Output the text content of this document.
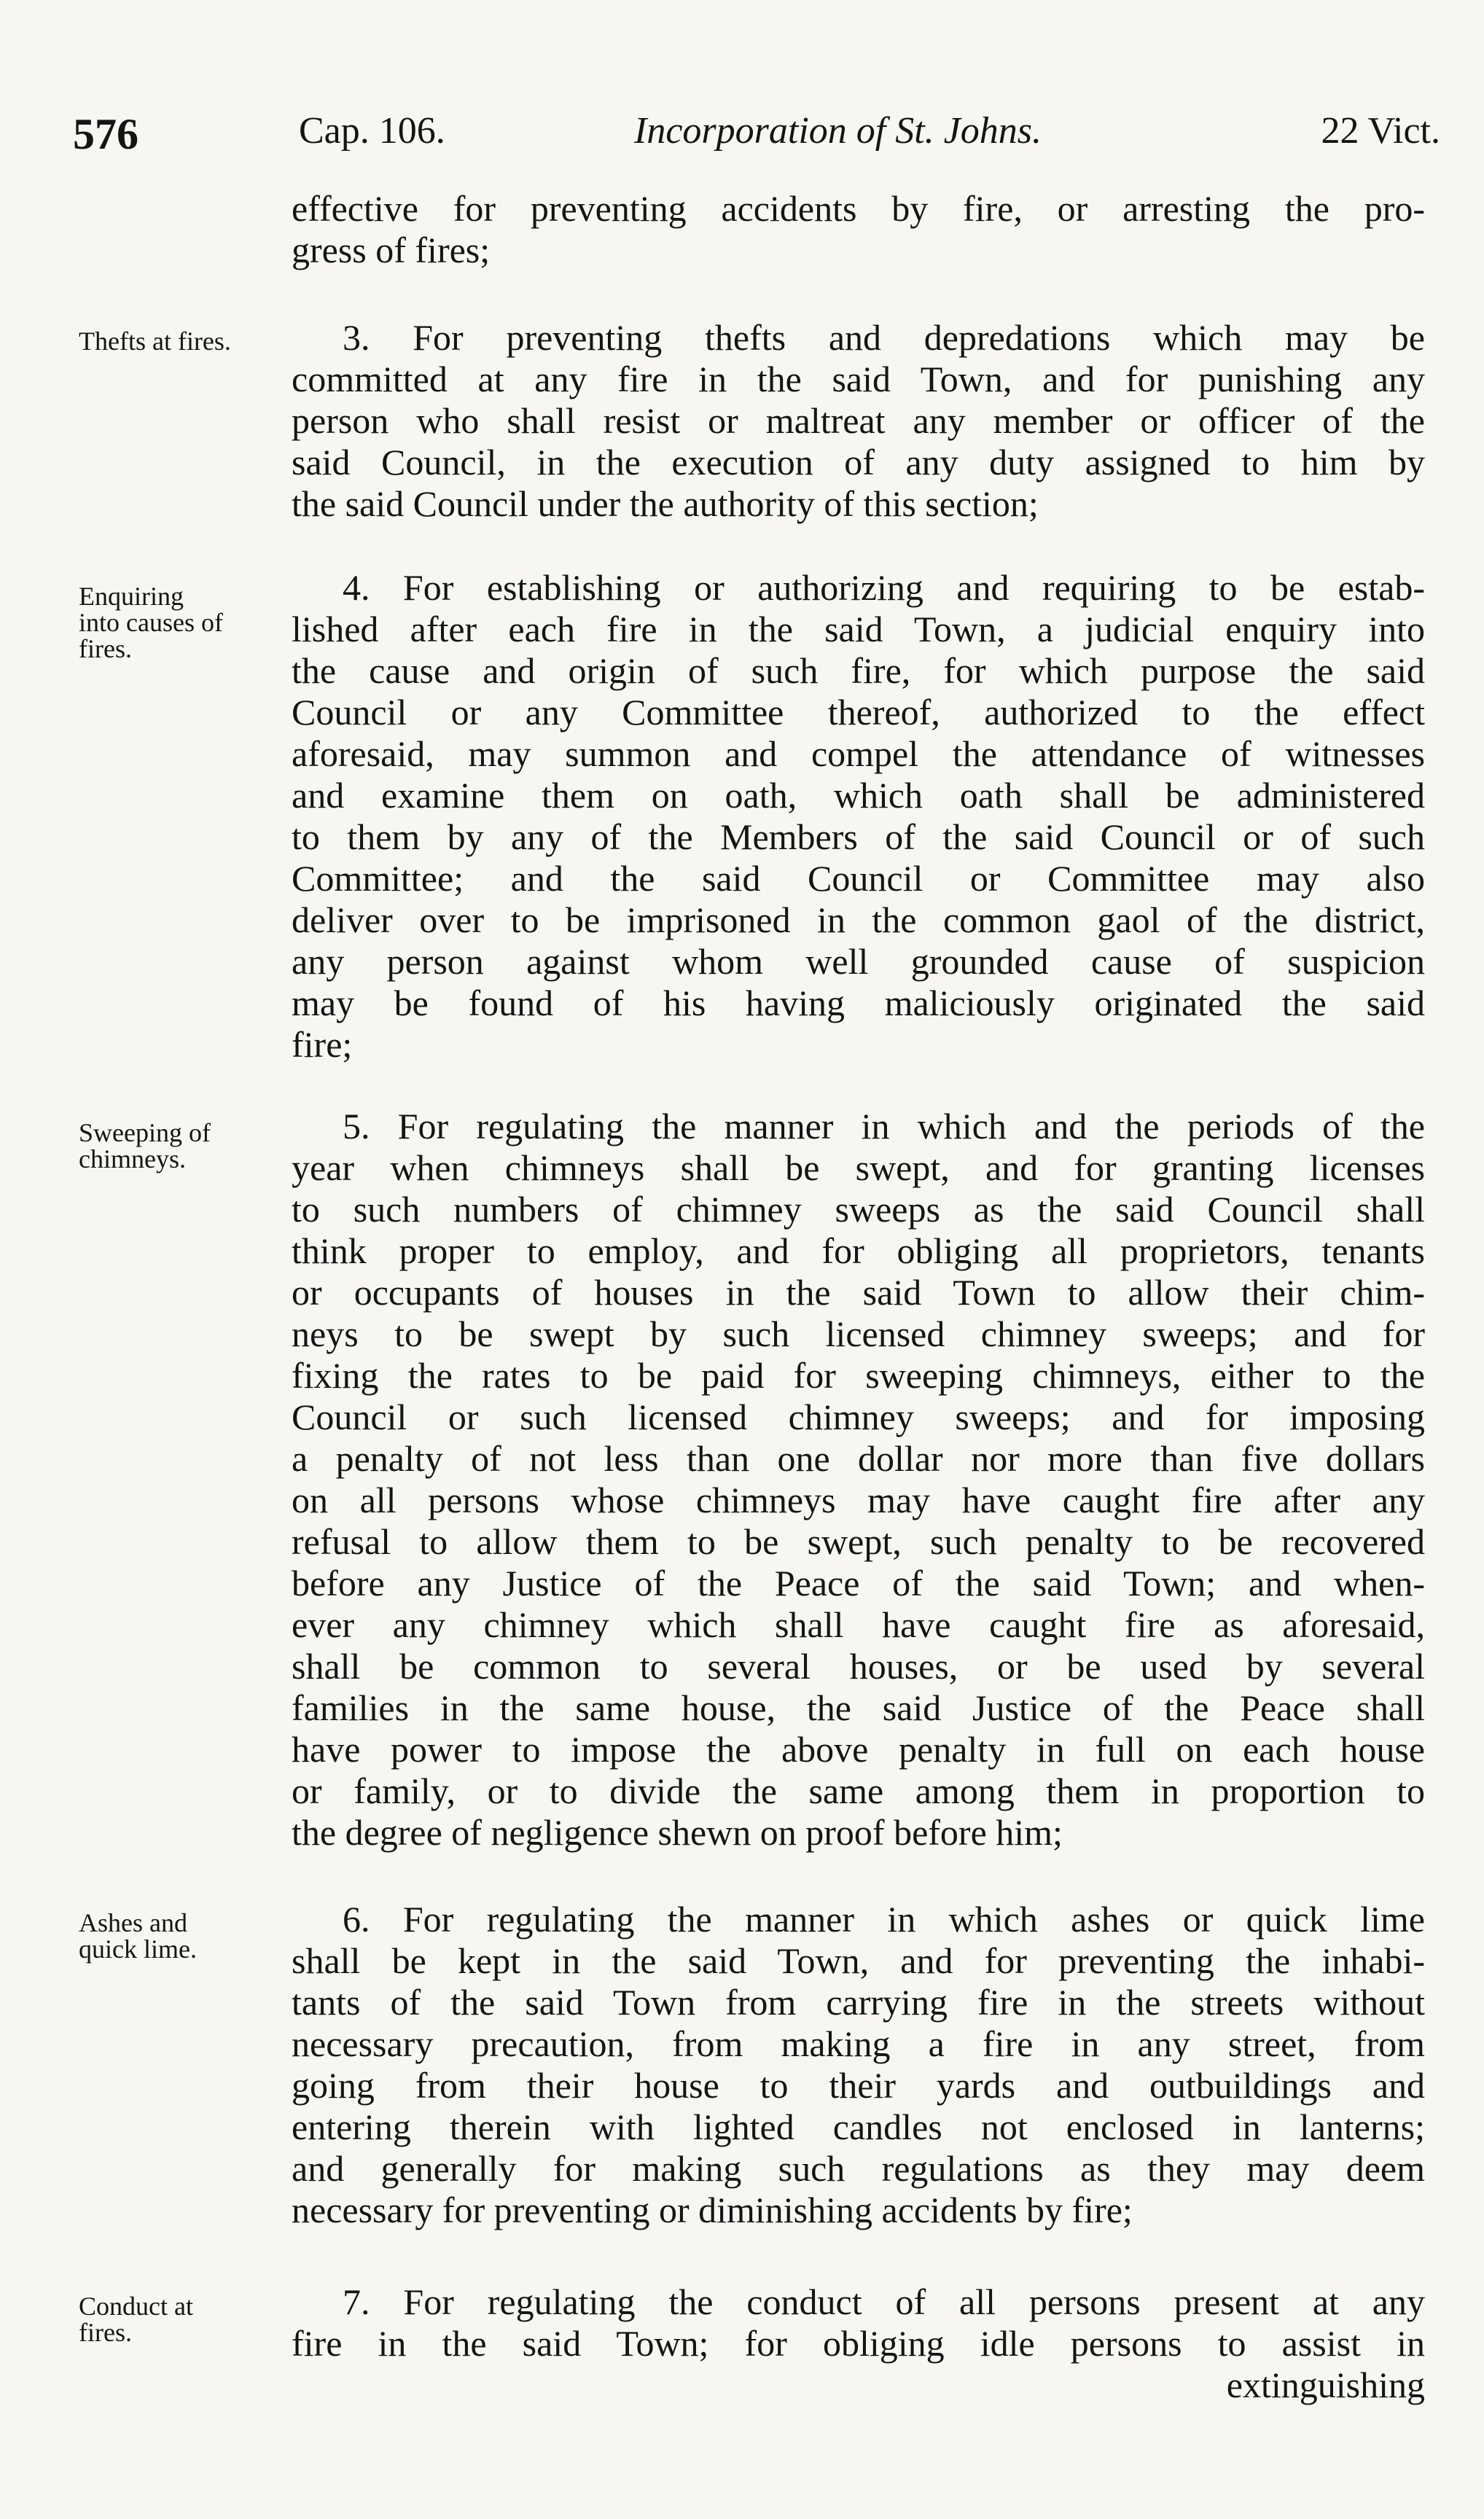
576	Cap. 106.	Incorporation of St. Johns.	22 Vict.
effective for preventing accidents by fire, or arresting the pro-
gress of fires;
Thefts at fires.	3. For preventing thefts and depredations which may be
committed at any fire in the said Town, and for punishing any
person who shall resist or maltreat any member or officer of the
said Council, in the execution of any duty assigned to him by
the said Council under the authority of this section;
Enquiring
into causes of
fires.
4. For establishing or authorizing and requiring to be estab-
lished after each fire in the said Town, a judicial enquiry into
the cause and origin of such fire, for which purpose the said
Council or any Committee thereof, authorized to the effect
aforesaid, may summon and compel the attendance of witnesses
and examine them on oath, which oath shall be administered
to them by any of the Members of the said Council or of such
Committee; and the said Council or Committee may also
deliver over to be imprisoned in the common gaol of the district,
any person against whom well grounded cause of suspicion
may be found of his having maliciously originated the said
fire;
Sweeping of
chimneys.
5. For regulating the manner in which and the periods of the
year when chimneys shall be swept, and for granting licenses
to such numbers of chimney sweeps as the said Council shall
think proper to employ, and for obliging all proprietors, tenants
or occupants of houses in the said Town to allow their chim-
neys to be swept by such licensed chimney sweeps; and for
fixing the rates to be paid for sweeping chimneys, either to the
Council or such licensed chimney sweeps; and for imposing
a penalty of not less than one dollar nor more than five dollars
on all persons whose chimneys may have caught fire after any
refusal to allow them to be swept, such penalty to be recovered
before any Justice of the Peace of the said Town; and when-
ever any chimney which shall have caught fire as aforesaid,
shall be common to several houses, or be used by several
families in the same house, the said Justice of the Peace shall
have power to impose the above penalty in full on each house
or family, or to divide the same among them in proportion to
the degree of negligence shewn on proof before him;
Ashes and
quick lime.
6. For regulating the manner in which ashes or quick lime
shall be kept in the said Town, and for preventing the inhabi-
tants of the said Town from carrying fire in the streets without
necessary precaution, from making a fire in any street, from
going from their house to their yards and outbuildings and
entering therein with lighted candles not enclosed in lanterns;
and generally for making such regulations as they may deem
necessary for preventing or diminishing accidents by fire;
Conduct at
fires.
7. For regulating the conduct of all persons present at any
fire in the said Town; for obliging idle persons to assist in
extinguishing
